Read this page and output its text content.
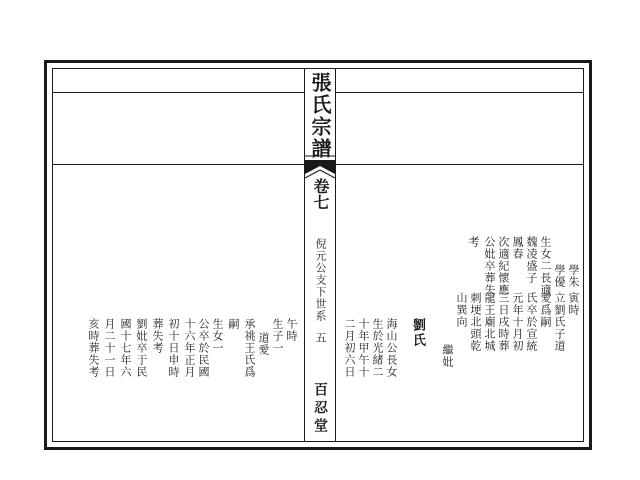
張氏宗譜
卷七
倪元公支下世系
五
百忍堂
寅時
立劉氏子道
愛爲嗣
氏卒於宣統
元年十月初
三日戌時葬
龍王廟北城
刺埂北頭乾
山巽向
繼妣
學朱
學優
生女二長適
魏凌盛子
鳳春
次適紀懷應
公妣卒葬失
考
劉氏
海山公長女
生於光緒二
十年甲午十
二月初六日
午時
生子一
道愛
承祧王氏爲
嗣
生女一
公卒於民國
十六年正月
初十日申時
葬失考
劉妣卒于民
國十七年六
月二十一日
亥時葬失考
